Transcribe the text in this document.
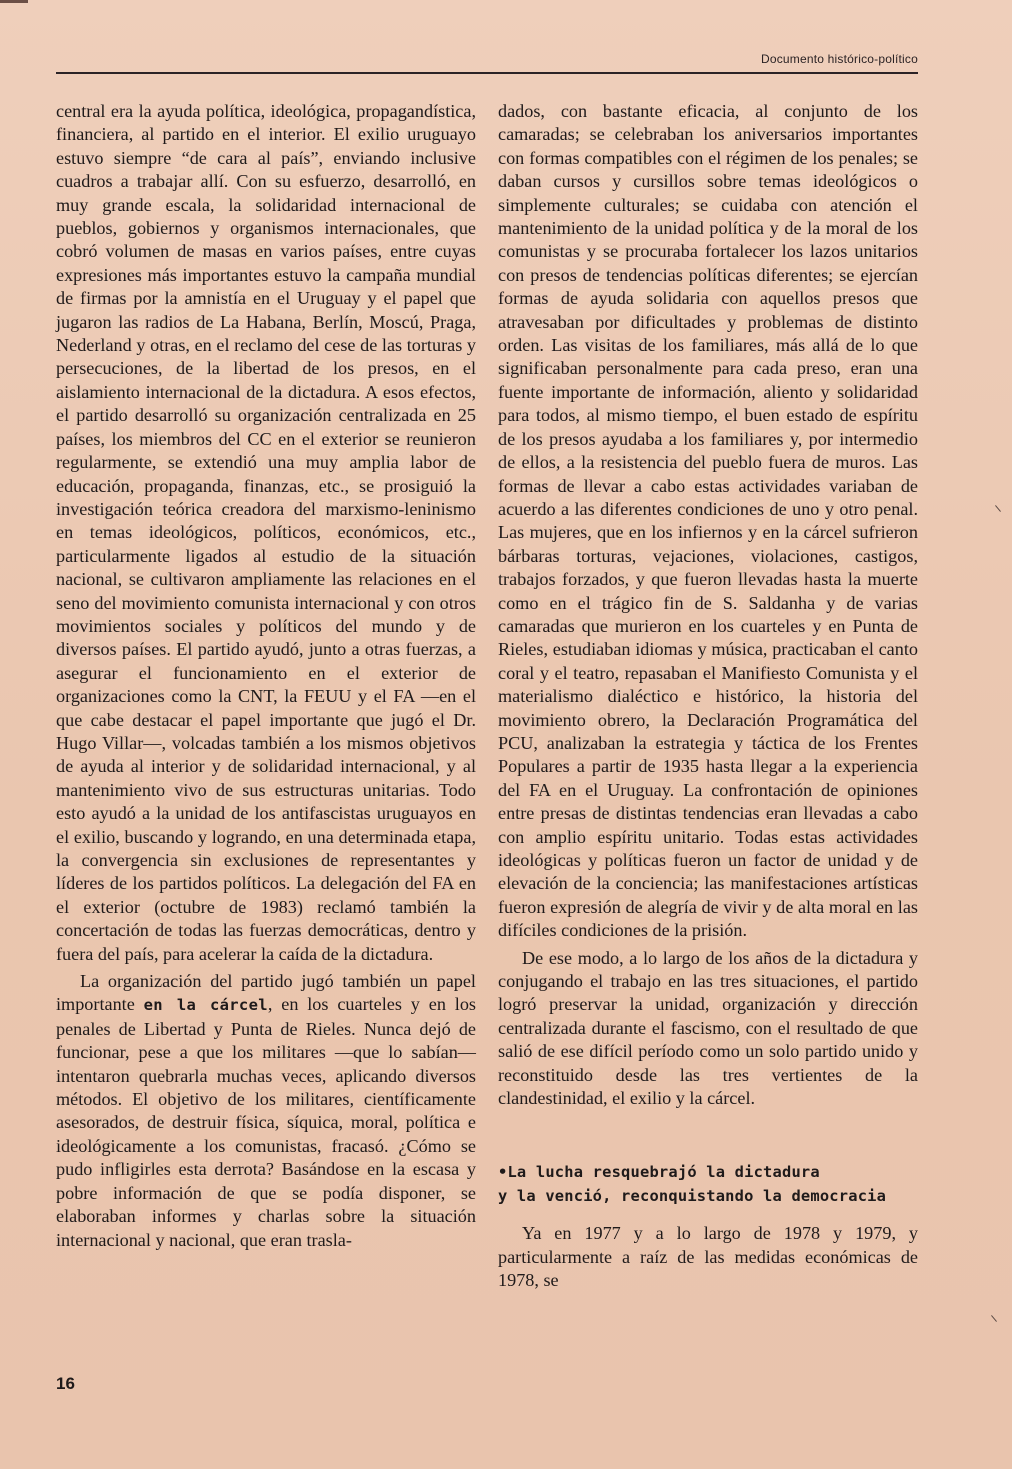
Documento histórico-político

central era la ayuda política, ideológica, propagandística, financiera, al partido en el interior. El exilio uruguayo estuvo siempre “de cara al país”, enviando inclusive cuadros a trabajar allí. Con su esfuerzo, desarrolló, en muy grande escala, la solidaridad internacional de pueblos, gobiernos y organismos internacionales, que cobró volumen de masas en varios países, entre cuyas expresiones más importantes estuvo la campaña mundial de firmas por la amnistía en el Uruguay y el papel que jugaron las radios de La Habana, Berlín, Moscú, Praga, Nederland y otras, en el reclamo del cese de las torturas y persecuciones, de la libertad de los presos, en el aislamiento internacional de la dictadura. A esos efectos, el partido desarrolló su organización centralizada en 25 países, los miembros del CC en el exterior se reunieron regularmente, se extendió una muy amplia labor de educación, propaganda, finanzas, etc., se prosiguió la investigación teórica creadora del marxismo-leninismo en temas ideológicos, políticos, económicos, etc., particularmente ligados al estudio de la situación nacional, se cultivaron ampliamente las relaciones en el seno del movimiento comunista internacional y con otros movimientos sociales y políticos del mundo y de diversos países. El partido ayudó, junto a otras fuerzas, a asegurar el funcionamiento en el exterior de organizaciones como la CNT, la FEUU y el FA —en el que cabe destacar el papel importante que jugó el Dr. Hugo Villar—, volcadas también a los mismos objetivos de ayuda al interior y de solidaridad internacional, y al mantenimiento vivo de sus estructuras unitarias. Todo esto ayudó a la unidad de los antifascistas uruguayos en el exilio, buscando y logrando, en una determinada etapa, la convergencia sin exclusiones de representantes y líderes de los partidos políticos. La delegación del FA en el exterior (octubre de 1983) reclamó también la concertación de todas las fuerzas democráticas, dentro y fuera del país, para acelerar la caída de la dictadura.

La organización del partido jugó también un papel importante en la cárcel, en los cuarteles y en los penales de Libertad y Punta de Rieles. Nunca dejó de funcionar, pese a que los militares —que lo sabían— intentaron quebrarla muchas veces, aplicando diversos métodos. El objetivo de los militares, científicamente asesorados, de destruir física, síquica, moral, política e ideológicamente a los comunistas, fracasó. ¿Cómo se pudo infligirles esta derrota? Basándose en la escasa y pobre información de que se podía disponer, se elaboraban informes y charlas sobre la situación internacional y nacional, que eran trasla-

dados, con bastante eficacia, al conjunto de los camaradas; se celebraban los aniversarios importantes con formas compatibles con el régimen de los penales; se daban cursos y cursillos sobre temas ideológicos o simplemente culturales; se cuidaba con atención el mantenimiento de la unidad política y de la moral de los comunistas y se procuraba fortalecer los lazos unitarios con presos de tendencias políticas diferentes; se ejercían formas de ayuda solidaria con aquellos presos que atravesaban por dificultades y problemas de distinto orden. Las visitas de los familiares, más allá de lo que significaban personalmente para cada preso, eran una fuente importante de información, aliento y solidaridad para todos, al mismo tiempo, el buen estado de espíritu de los presos ayudaba a los familiares y, por intermedio de ellos, a la resistencia del pueblo fuera de muros. Las formas de llevar a cabo estas actividades variaban de acuerdo a las diferentes condiciones de uno y otro penal. Las mujeres, que en los infiernos y en la cárcel sufrieron bárbaras torturas, vejaciones, violaciones, castigos, trabajos forzados, y que fueron llevadas hasta la muerte como en el trágico fin de S. Saldanha y de varias camaradas que murieron en los cuarteles y en Punta de Rieles, estudiaban idiomas y música, practicaban el canto coral y el teatro, repasaban el Manifiesto Comunista y el materialismo dialéctico e histórico, la historia del movimiento obrero, la Declaración Programática del PCU, analizaban la estrategia y táctica de los Frentes Populares a partir de 1935 hasta llegar a la experiencia del FA en el Uruguay. La confrontación de opiniones entre presas de distintas tendencias eran llevadas a cabo con amplio espíritu unitario. Todas estas actividades ideológicas y políticas fueron un factor de unidad y de elevación de la conciencia; las manifestaciones artísticas fueron expresión de alegría de vivir y de alta moral en las difíciles condiciones de la prisión.

De ese modo, a lo largo de los años de la dictadura y conjugando el trabajo en las tres situaciones, el partido logró preservar la unidad, organización y dirección centralizada durante el fascismo, con el resultado de que salió de ese difícil período como un solo partido unido y reconstituido desde las tres vertientes de la clandestinidad, el exilio y la cárcel.

•La lucha resquebrajó la dictadura
y la venció, reconquistando la democracia

Ya en 1977 y a lo largo de 1978 y 1979, y particularmente a raíz de las medidas económicas de 1978, se

16
